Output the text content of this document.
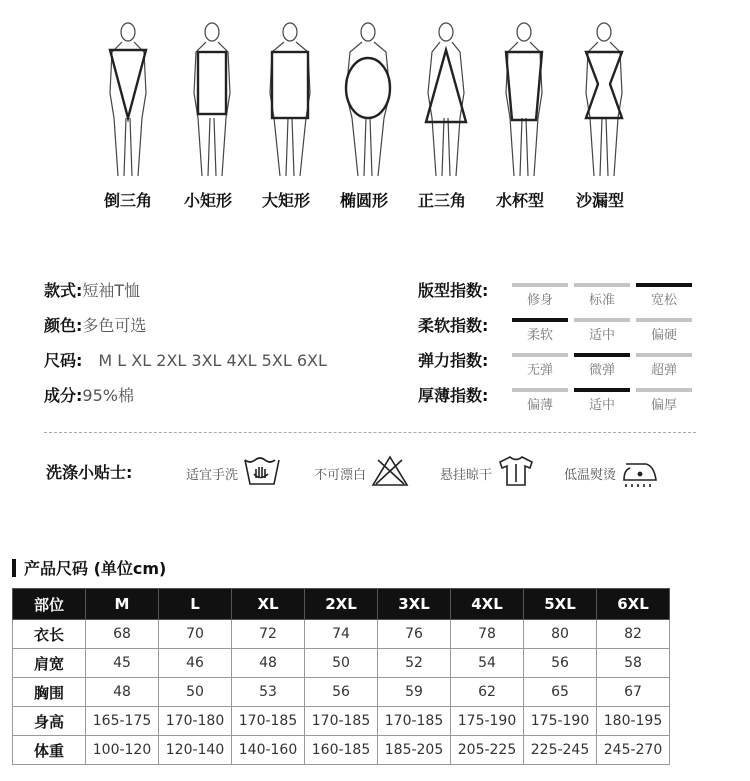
倒三角	小矩形	大矩形	椭圆形	正三角	水杯型	沙漏型
款式:短袖T恤
颜色:多色可选
尺码: M L XL 2XL 3XL 4XL 5XL 6XL
成分:95%棉
版型指数:
修身	标准	宽松
柔软指数:
柔软	适中	偏硬
弹力指数:
无弹	微弹	超弹
厚薄指数:
偏薄	适中	偏厚
洗涤小贴士:	适宜手洗	不可漂白	悬挂晾干	低温熨烫
产品尺码 (单位cm)
部位	M	L	XL	2XL	3XL	4XL	5XL	6XL
衣长	68	70	72	74	76	78	80	82
肩宽	45	46	48	50	52	54	56	58
胸围	48	50	53	56	59	62	65	67
身高	165-175	170-180	170-185	170-185	170-185	175-190	175-190	180-195
体重	100-120	120-140	140-160	160-185	185-205	205-225	225-245	245-270
